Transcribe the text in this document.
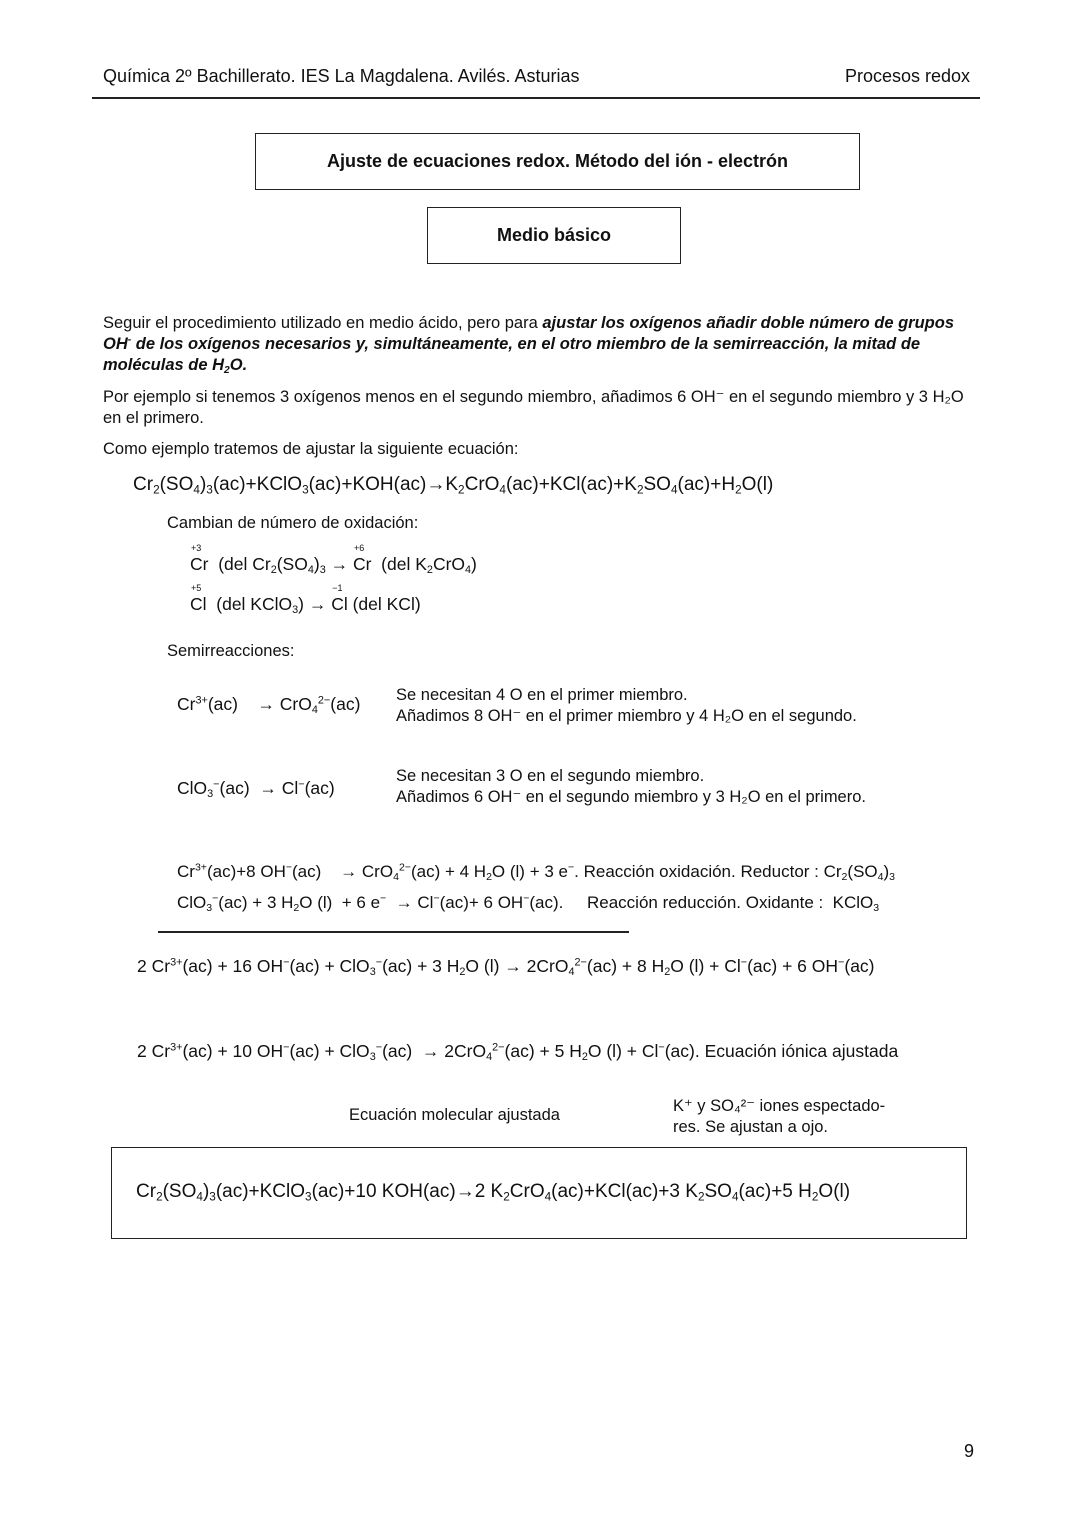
Química 2º Bachillerato. IES La Magdalena. Avilés. Asturias	Procesos redox
Ajuste de ecuaciones redox. Método del ión - electrón
Medio básico
Seguir el procedimiento utilizado en medio ácido, pero para ajustar los oxígenos añadir doble número de grupos OH- de los oxígenos necesarios y, simultáneamente, en el otro miembro de la semirreacción, la mitad de moléculas de $H_2O$.
Por ejemplo si tenemos 3 oxígenos menos en el segundo miembro, añadimos 6 OH⁻ en el segundo miembro y 3 H₂O en el primero.
Como ejemplo tratemos de ajustar la siguiente ecuación:
$Cr_2(SO_4)_3(ac)+KClO_3(ac)+KOH(ac)\to K_2CrO_4(ac)+KCl(ac)+K_2SO_4(ac)+H_2O(l)$
Cambian de número de oxidación:
Cr
+3
(del $Cr_2(SO_4)_3 \to Cr$
+6
(del $K_2CrO_4$)
Cl
+5
(del KClO$_3$) → Cl
−1
(del KCl)
Semirreacciones:
$Cr^{3+}(ac)$    → CrO$_4^{2-}$(ac) Se necesitan 4 O en el primer miembro.
Añadimos 8 OH⁻ en el primer miembro y 4 H₂O en el segundo.
ClO$_3$−(ac)  → Cl−(ac)
Se necesitan 3 O en el segundo miembro.
Añadimos 6 OH⁻ en el segundo miembro y 3 H₂O en el primero.
$Cr^{3+}(ac)+8$ OH−(ac)    → CrO$_4^{2-}$(ac) + 4 $H_2O$ (l) + 3 e−. Reacción oxidación. Reductor : $Cr_2(SO_4)_3$
ClO$_3$−(ac) + 3 $H_2O$ (l)  + 6 e−  → Cl−(ac)+ 6 OH−(ac).     Reacción reducción. Oxidante :  KClO$_3$
2 $Cr^{3+}(ac) + 16$ OH−(ac) + ClO$_3$−(ac) + 3 $H_2O$ (l) → 2CrO$_4^{2-}$(ac) + 8 $H_2O$ (l) + Cl−(ac) + 6 OH−(ac)
2 $Cr^{3+}(ac) + 10$ OH−(ac) + ClO$_3$−(ac)  → 2CrO$_4^{2-}$(ac) + 5 $H_2O$ (l) + Cl−(ac). Ecuación iónica ajustada
Ecuación molecular ajustada	K⁺ y SO₄²⁻ iones espectado-
res. Se ajustan a ojo.
$Cr_2(SO_4)_3(ac)+KClO_3(ac)+10$ KOH(ac)→2 $K_2CrO_4(ac)+KCl(ac)+3$ $K_2SO_4(ac)+5$ $H_2O(l)$
9
